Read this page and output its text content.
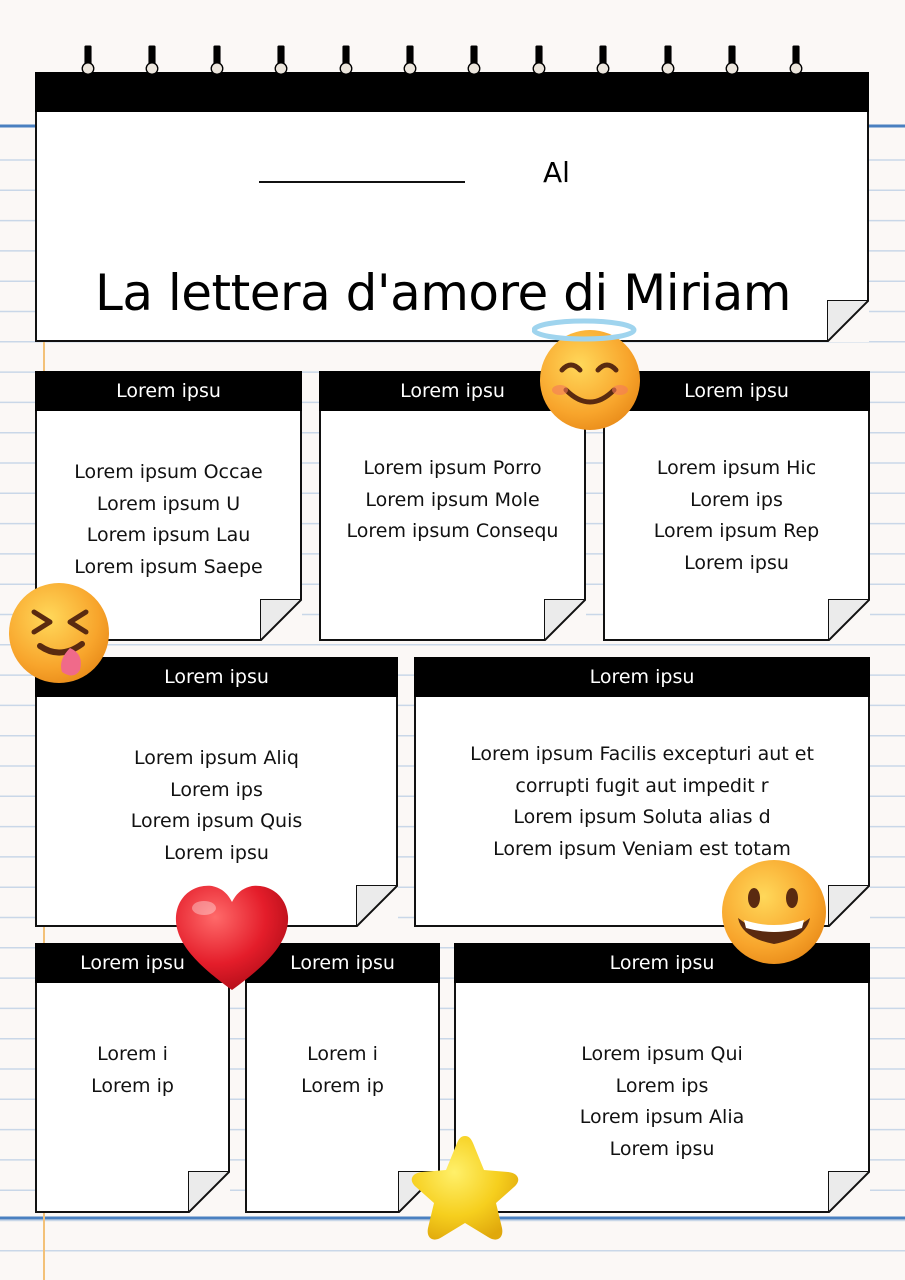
Al
La lettera d'amore di Miriam
Lorem ipsu
Lorem ipsum Occae
Lorem ipsum U
Lorem ipsum Lau
Lorem ipsum Saepe
Lorem ipsu
Lorem ipsum Porro
Lorem ipsum Mole
Lorem ipsum Consequ
Lorem ipsu
Lorem ipsum Hic
Lorem ips
Lorem ipsum Rep
Lorem ipsu
Lorem ipsu
Lorem ipsum Aliq
Lorem ips
Lorem ipsum Quis
Lorem ipsu
Lorem ipsu
Lorem ipsum Facilis excepturi aut et
corrupti fugit aut impedit r
Lorem ipsum Soluta alias d
Lorem ipsum Veniam est totam
Lorem ipsu
Lorem i
Lorem ip
Lorem ipsu
Lorem i
Lorem ip
Lorem ipsu
Lorem ipsum Qui
Lorem ips
Lorem ipsum Alia
Lorem ipsu
